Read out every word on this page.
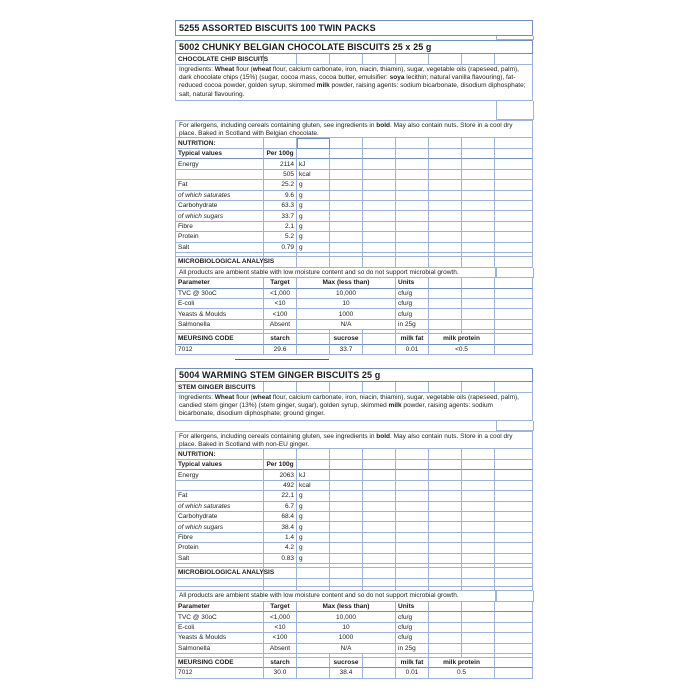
5255 ASSORTED BISCUITS 100 TWIN PACKS
5002 CHUNKY BELGIAN CHOCOLATE BISCUITS 25 x 25 g
CHOCOLATE CHIP BISCUITS
Ingredients: Wheat flour (wheat flour, calcium carbonate, iron, niacin, thiamin), sugar, vegetable oils (rapeseed, palm), dark chocolate chips (15%) (sugar, cocoa mass, cocoa butter, emulsifier: soya lecithin; natural vanilla flavouring), fat-reduced cocoa powder, golden syrup, skimmed milk powder, raising agents: sodium bicarbonate, disodium diphosphate; salt, natural flavouring.
For allergens, including cereals containing gluten, see ingredients in bold. May also contain nuts. Store in a cool dry place. Baked in Scotland with Belgian chocolate.
NUTRITION:
Typical values	Per 100g
Energy	2114 kJ
505 kcal
Fat	25.2 g
of which saturates	9.6 g
Carbohydrate	63.3 g
of which sugars	33.7 g
Fibre	2.1 g
Protein	5.2 g
Salt	0.79 g
MICROBIOLOGICAL ANALYSIS
All products are ambient stable with low moisture content and so do not support microbial growth.
Parameter	Target	Max (less than)	Units
TVC @ 30oC	<1,000	10,000	cfu/g
E-coli	<10	10	cfu/g
Yeasts & Moulds	<100	1000	cfu/g
Salmonella	Absent	N/A	in 25g
MEURSING CODE	starch	sucrose	milk fat	milk protein
7012	29.6	33.7	0.01	<0.5
5004 WARMING STEM GINGER BISCUITS 25 g
STEM GINGER BISCUITS
Ingredients: Wheat flour (wheat flour, calcium carbonate, iron, niacin, thiamin), sugar, vegetable oils (rapeseed, palm), candied stem ginger (13%) (stem ginger, sugar), golden syrup, skimmed milk powder, raising agents: sodium bicarbonate, disodium diphosphate; ground ginger.
For allergens, including cereals containing gluten, see ingredients in bold. May also contain nuts. Store in a cool dry place. Baked in Scotland with non-EU ginger.
NUTRITION:
Typical values	Per 100g
Energy	2063 kJ
492 kcal
Fat	22.1 g
of which saturates	6.7 g
Carbohydrate	68.4 g
of which sugars	38.4 g
Fibre	1.4 g
Protein	4.2 g
Salt	0.83 g
MICROBIOLOGICAL ANALYSIS
All products are ambient stable with low moisture content and so do not support microbial growth.
Parameter	Target	Max (less than)	Units
TVC @ 30oC	<1,000	10,000	cfu/g
E-coli	<10	10	cfu/g
Yeasts & Moulds	<100	1000	cfu/g
Salmonella	Absent	N/A	in 25g
MEURSING CODE	starch	sucrose	milk fat	milk protein
7012	30.0	38.4	0.01	0.5
